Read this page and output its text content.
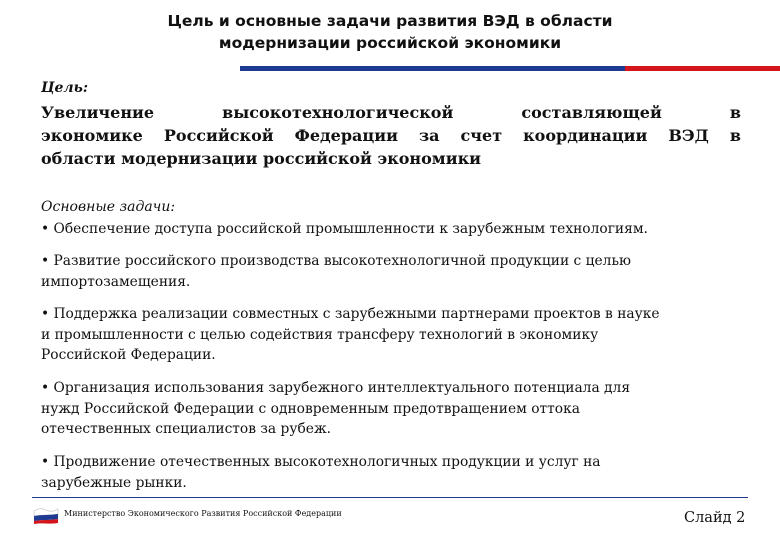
Цель и основные задачи развития ВЭД в области
модернизации российской экономики
Цель:
Увеличение высокотехнологической составляющей в
экономике Российской Федерации за счет координации ВЭД в
области модернизации российской экономики
Основные задачи:
• Обеспечение доступа российской промышленности к зарубежным технологиям.
• Развитие российского производства высокотехнологичной продукции с целью
импортозамещения.
• Поддержка реализации совместных с зарубежными партнерами проектов в науке
и промышленности с целью содействия трансферу технологий в экономику
Российской Федерации.
• Организация использования зарубежного интеллектуального потенциала для
нужд Российской Федерации с одновременным предотвращением оттока
отечественных специалистов за рубеж.
• Продвижение отечественных высокотехнологичных продукции и услуг на
зарубежные рынки.
Министерство Экономического Развития Российской Федерации	Слайд 2
